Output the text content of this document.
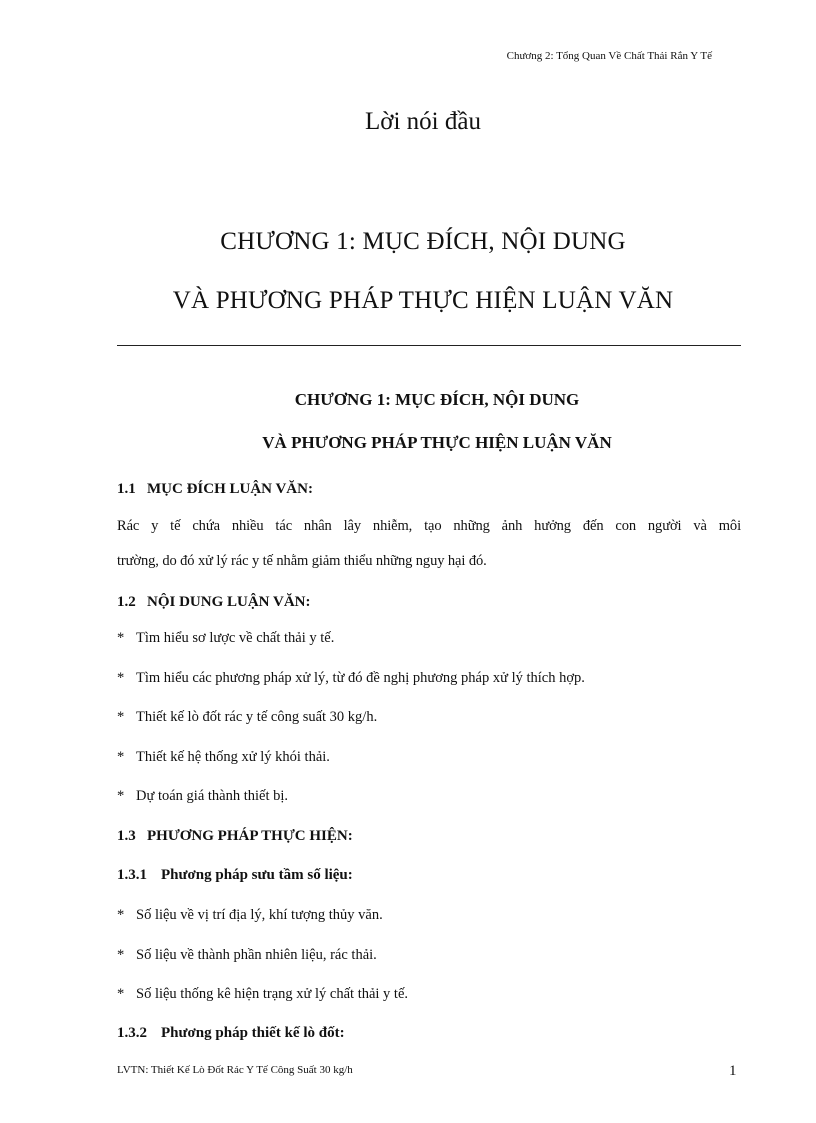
Chương 2: Tổng Quan Về Chất Thải Rắn Y Tế
Lời nói đầu
CHƯƠNG 1: MỤC ĐÍCH, NỘI DUNG
VÀ PHƯƠNG PHÁP THỰC HIỆN LUẬN VĂN
CHƯƠNG 1: MỤC ĐÍCH, NỘI DUNG
VÀ PHƯƠNG PHÁP THỰC HIỆN LUẬN VĂN
1.1 MỤC ĐÍCH LUẬN VĂN:
Rác y tế chứa nhiều tác nhân lây nhiễm, tạo những ảnh hưởng đến con người và môi
trường, do đó xử lý rác y tế nhằm giảm thiểu những nguy hại đó.
1.2 NỘI DUNG LUẬN VĂN:
* Tìm hiểu sơ lược về chất thải y tế.
* Tìm hiểu các phương pháp xử lý, từ đó đề nghị phương pháp xử lý thích hợp.
* Thiết kế lò đốt rác y tế công suất 30 kg/h.
* Thiết kế hệ thống xử lý khói thải.
* Dự toán giá thành thiết bị.
1.3 PHƯƠNG PHÁP THỰC HIỆN:
1.3.1 Phương pháp sưu tầm số liệu:
* Số liệu về vị trí địa lý, khí tượng thủy văn.
* Số liệu về thành phần nhiên liệu, rác thải.
* Số liệu thống kê hiện trạng xử lý chất thải y tế.
1.3.2 Phương pháp thiết kế lò đốt:
LVTN: Thiết Kế Lò Đốt Rác Y Tế Công Suất 30 kg/h	1
